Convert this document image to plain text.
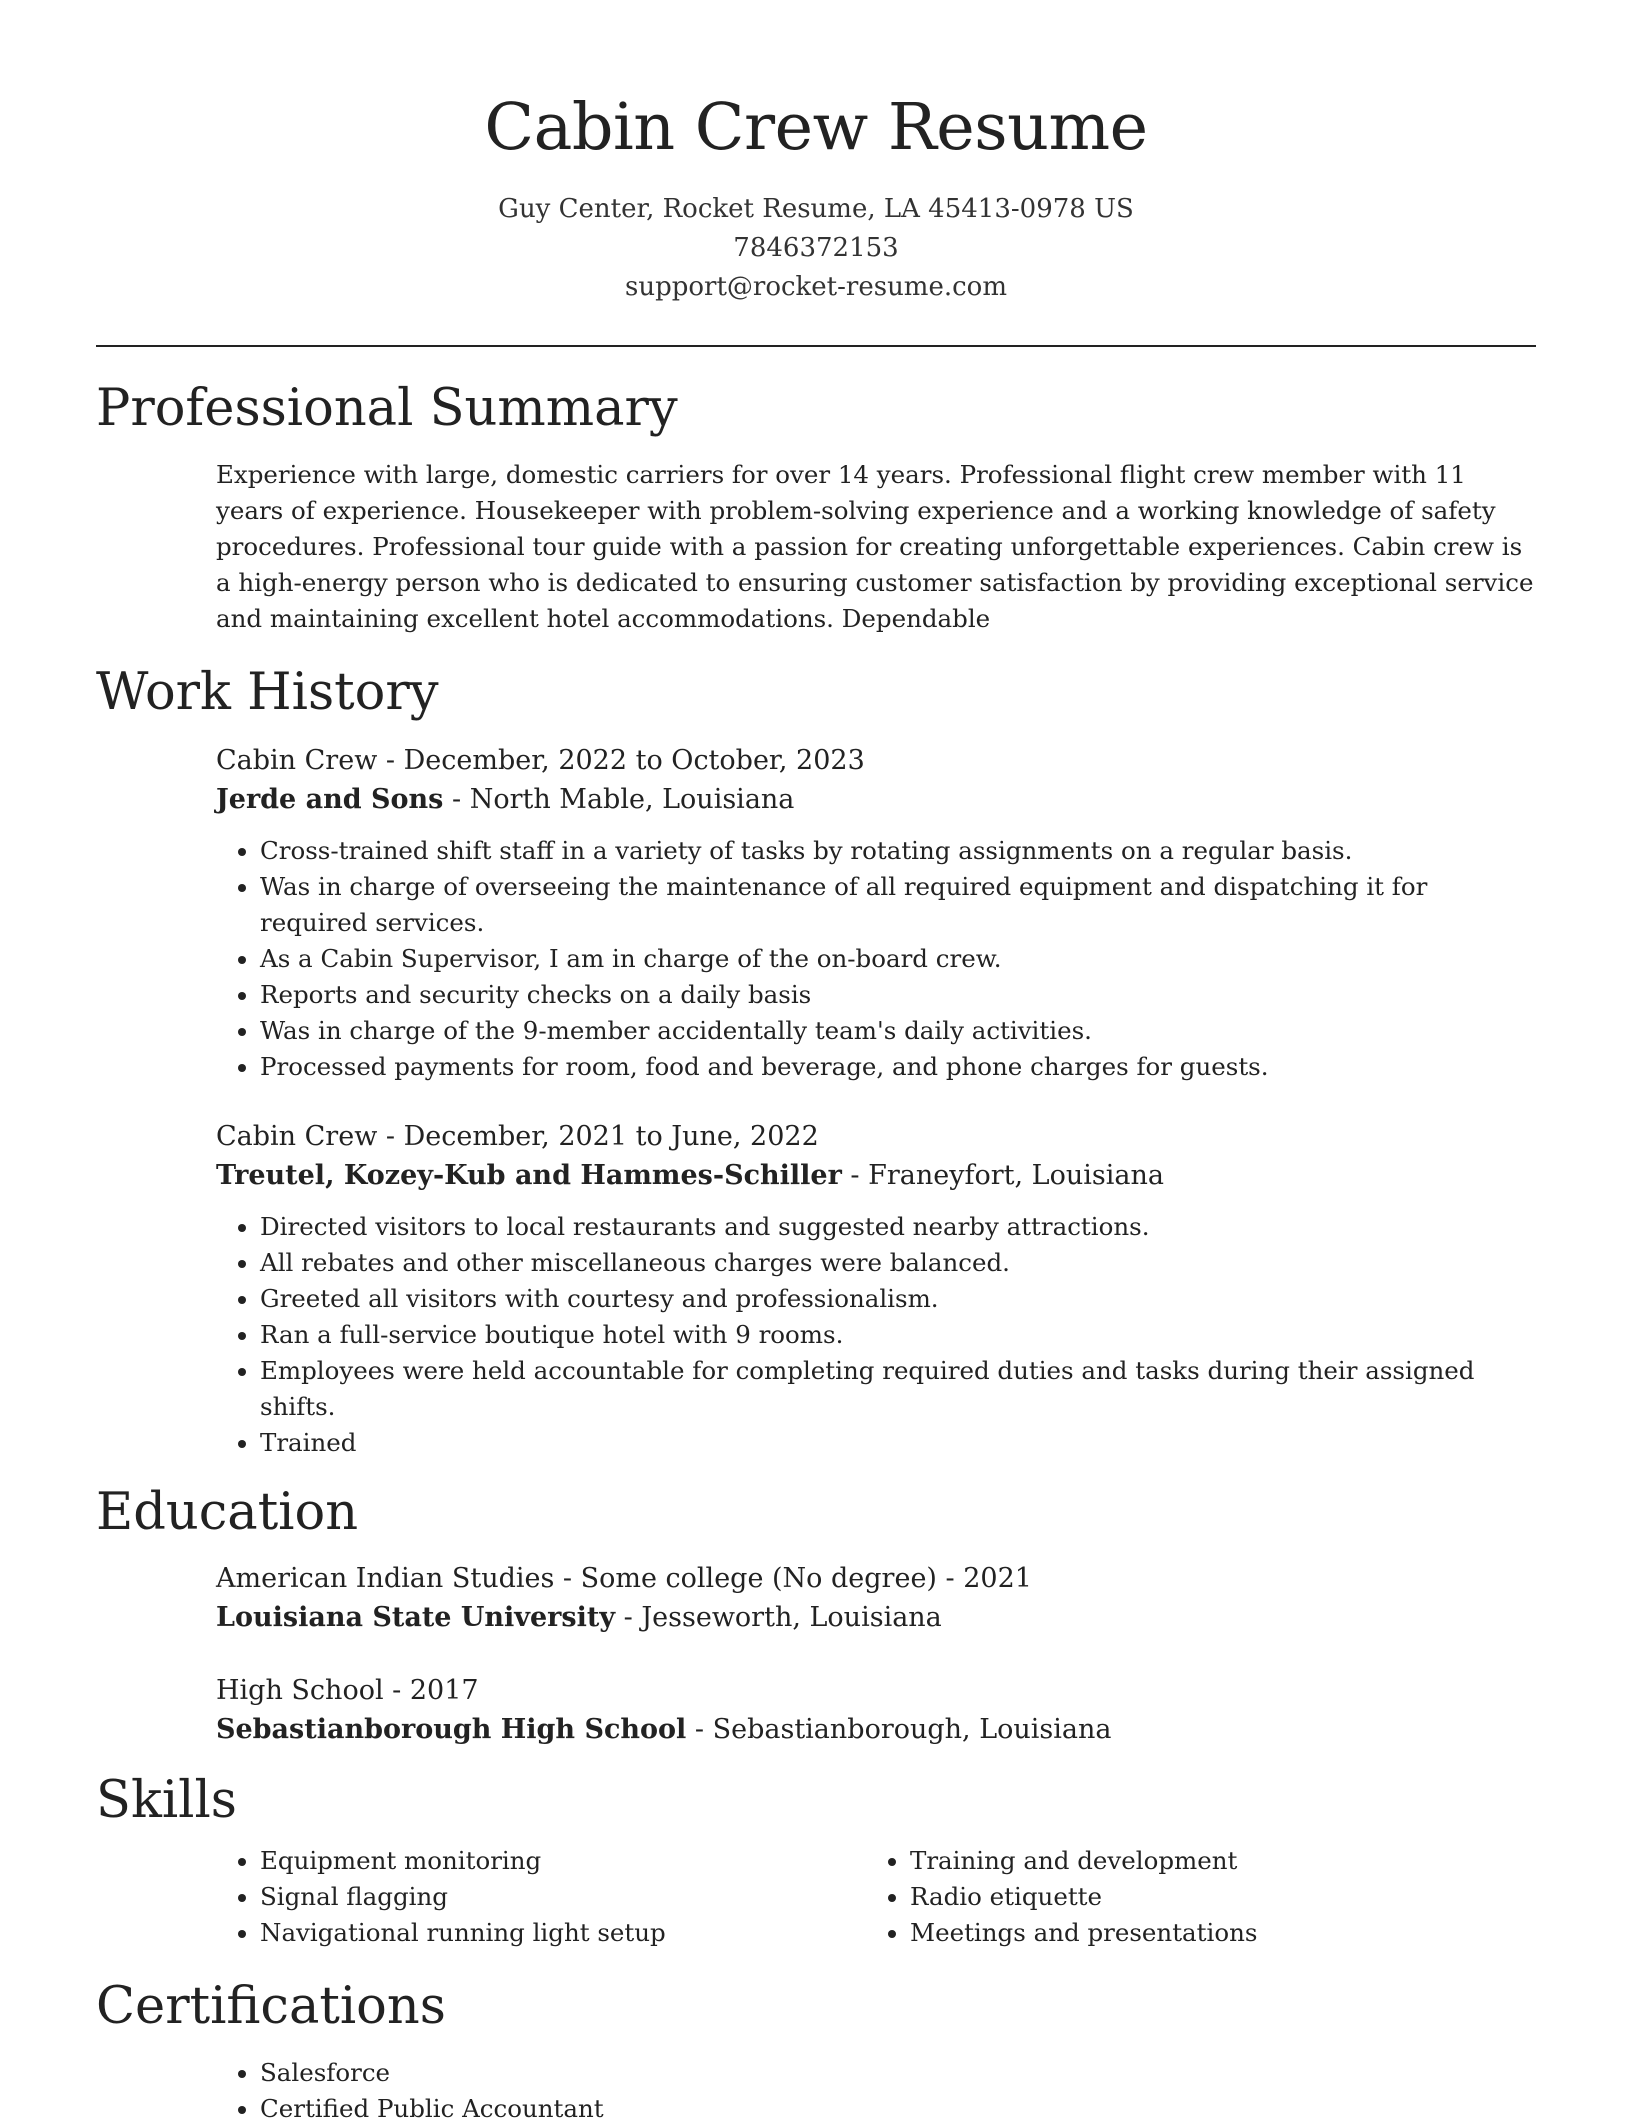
Cabin Crew Resume
Guy Center, Rocket Resume, LA 45413-0978 US
7846372153
support@rocket-resume.com
Professional Summary

Experience with large, domestic carriers for over 14 years. Professional flight crew member with 11 years of experience. Housekeeper with problem-solving experience and a working knowledge of safety procedures. Professional tour guide with a passion for creating unforgettable experiences. Cabin crew is a high-energy person who is dedicated to ensuring customer satisfaction by providing exceptional service and maintaining excellent hotel accommodations. Dependable

Work History
Cabin Crew - December, 2022 to October, 2023
Jerde and Sons - North Mable, Louisiana
• Cross-trained shift staff in a variety of tasks by rotating assignments on a regular basis.
• Was in charge of overseeing the maintenance of all required equipment and dispatching it for required services.
• As a Cabin Supervisor, I am in charge of the on-board crew.
• Reports and security checks on a daily basis
• Was in charge of the 9-member accidentally team's daily activities.
• Processed payments for room, food and beverage, and phone charges for guests.
Cabin Crew - December, 2021 to June, 2022
Treutel, Kozey-Kub and Hammes-Schiller - Franeyfort, Louisiana
• Directed visitors to local restaurants and suggested nearby attractions.
• All rebates and other miscellaneous charges were balanced.
• Greeted all visitors with courtesy and professionalism.
• Ran a full-service boutique hotel with 9 rooms.
• Employees were held accountable for completing required duties and tasks during their assigned shifts.
• Trained
Education
American Indian Studies - Some college (No degree) - 2021
Louisiana State University - Jesseworth, Louisiana
High School - 2017
Sebastianborough High School - Sebastianborough, Louisiana
Skills
• Equipment monitoring
• Signal flagging
• Navigational running light setup
• Training and development
• Radio etiquette
• Meetings and presentations
Certifications
• Salesforce
• Certified Public Accountant
